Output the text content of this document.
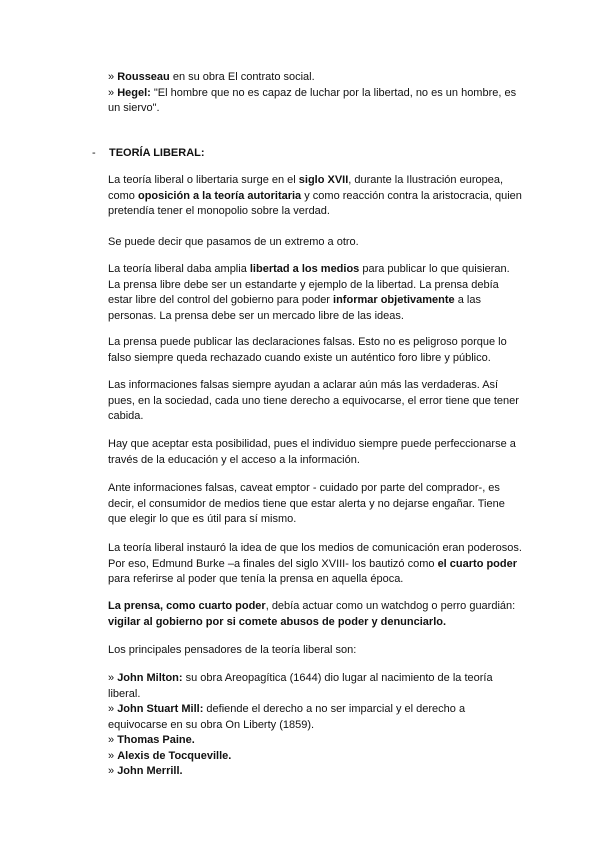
» Rousseau en su obra El contrato social.
» Hegel: "El hombre que no es capaz de luchar por la libertad, no es un hombre, es
un siervo".
- TEORÍA LIBERAL:
La teoría liberal o libertaria surge en el siglo XVII, durante la Ilustración europea,
como oposición a la teoría autoritaria y como reacción contra la aristocracia, quien
pretendía tener el monopolio sobre la verdad.
Se puede decir que pasamos de un extremo a otro.
La teoría liberal daba amplia libertad a los medios para publicar lo que quisieran.
La prensa libre debe ser un estandarte y ejemplo de la libertad. La prensa debía
estar libre del control del gobierno para poder informar objetivamente a las
personas. La prensa debe ser un mercado libre de las ideas.
La prensa puede publicar las declaraciones falsas. Esto no es peligroso porque lo
falso siempre queda rechazado cuando existe un auténtico foro libre y público.
Las informaciones falsas siempre ayudan a aclarar aún más las verdaderas. Así
pues, en la sociedad, cada uno tiene derecho a equivocarse, el error tiene que tener
cabida.
Hay que aceptar esta posibilidad, pues el individuo siempre puede perfeccionarse a
través de la educación y el acceso a la información.
Ante informaciones falsas, caveat emptor - cuidado por parte del comprador-, es
decir, el consumidor de medios tiene que estar alerta y no dejarse engañar. Tiene
que elegir lo que es útil para sí mismo.
La teoría liberal instauró la idea de que los medios de comunicación eran poderosos.
Por eso, Edmund Burke –a finales del siglo XVIII- los bautizó como el cuarto poder
para referirse al poder que tenía la prensa en aquella época.
La prensa, como cuarto poder, debía actuar como un watchdog o perro guardián:
vigilar al gobierno por si comete abusos de poder y denunciarlo.
Los principales pensadores de la teoría liberal son:
» John Milton: su obra Areopagítica (1644) dio lugar al nacimiento de la teoría
liberal.
» John Stuart Mill: defiende el derecho a no ser imparcial y el derecho a
equivocarse en su obra On Liberty (1859).
» Thomas Paine.
» Alexis de Tocqueville.
» John Merrill.
